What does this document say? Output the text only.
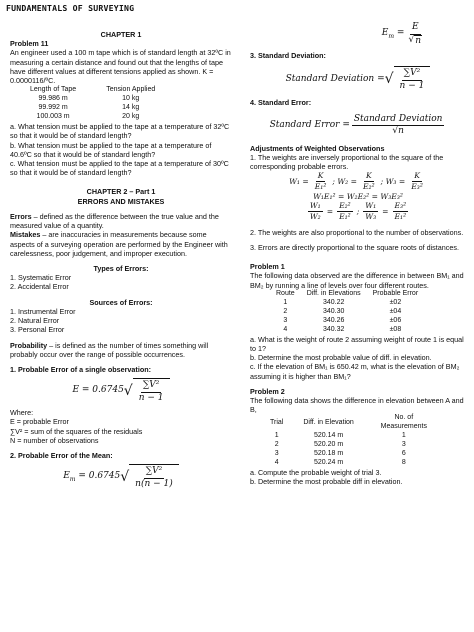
FUNDAMENTALS OF SURVEYING

CHAPTER 1

Problem 11

An engineer used a 100 m tape which is of standard length at 32ºC in measuring a certain distance and found out that the lengths of tape have different values at different tensions applied as shown. K = 0.0000116/ºC.

Length of Tape	Tension Applied
99.986 m	10 kg
99.992 m	14 kg
100.003 m	20 kg

a. What tension must be applied to the tape at a temperature of 32ºC so that it would be of standard length?

b. What tension must be applied to the tape at a temperature of 40.6ºC so that it would be of standard length?

c. What tension must be applied to the tape at a temperature of 30ºC so that it would be of standard length?

CHAPTER 2 – Part 1

ERRORS AND MISTAKES

Errors – defined as the difference between the true value and the measured value of a quantity.

Mistakes – are inaccuracies in measurements because some aspects of a surveying operation are performed by the Engineer with carelessness, poor judgement, and improper execution.

Types of Errors:

1. Systematic Error

2. Accidental Error

Sources of Errors:

1. Instrumental Error

2. Natural Error

3. Personal Error

Probability – is defined as the number of times something will probably occur over the range of possible occurrences.

1. Probable Error of a single observation:

E = 0.6745 √ $\frac{\text{∑V²}}{n - 1}$

Where:

E = probable Error

∑V² = sum of the squares of the residuals

N = number of observations

2. Probable Error of the Mean:

$E_m = 0.6745$ √ $\frac{\text{∑V²}}{n(n - 1)}$
$E_m = \frac{E}{√ n}$

3. Standard Deviation:

Standard Deviation = √ $\frac{\text{∑V²}}{n - 1}$

4. Standard Error:

Standard Error = $\frac{\text{Standard Deviation}}{√n}$

Adjustments of Weighted Observations

1. The weights are inversely proportional to the square of the corresponding probable errors.

$W_1 = \frac{K}{\text{E₁²}}$ ; $W_2 = \frac{K}{\text{E₂²}}$ ; $W_3 = \frac{K}{\text{E₃²}}$
W₁E₁² = W₂E₂² = W₃E₃²
$\frac{\text{W₁}}{\text{W₂}} = \frac{\text{E₂²}}{\text{E₁²}}$ ; $\frac{\text{W₁}}{\text{W₃}} = \frac{\text{E₃²}}{\text{E₁²}}$

2. The weights are also proportional to the number of observations.

3. Errors are directly proportional to the square roots of distances.

Problem 1

The following data observed are the difference in between BM₁ and BM₂ by running a line of levels over four different routes.

Route	Diff. in Elevations	Probable Error
1	340.22	±02
2	340.30	±04
3	340.26	±06
4	340.32	±08

a. What is the weight of route 2 assuming weight of route 1 is equal to 1?

b. Determine the most probable value of diff. in elevation.

c. If the elevation of BM₁ is 650.42 m, what is the elevation of BM₂ assuming it is higher than BM₁?

Problem 2

The following data shows the difference in elevation between A and B,

Trial	Diff. in Elevation	No. of Measurements
1	520.14 m	1
2	520.20 m	3
3	520.18 m	6
4	520.24 m	8

a. Compute the probable weight of trial 3.

b. Determine the most probable diff in elevation.
